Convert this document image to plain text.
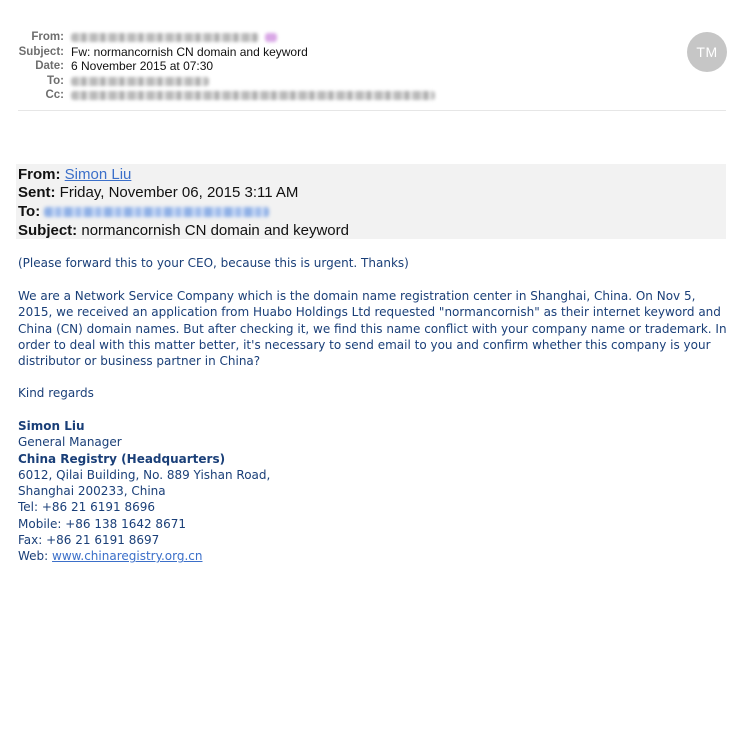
From:
Subject: Fw: normancornish CN domain and keyword
Date: 6 November 2015 at 07:30
To:
Cc:
TM
From: Simon Liu
Sent: Friday, November 06, 2015 3:11 AM
To:
Subject: normancornish CN domain and keyword
(Please forward this to your CEO, because this is urgent. Thanks)
We are a Network Service Company which is the domain name registration center in Shanghai, China. On Nov 5, 2015, we received an application from Huabo Holdings Ltd requested "normancornish" as their internet keyword and China (CN) domain names. But after checking it, we find this name conflict with your company name or trademark. In order to deal with this matter better, it's necessary to send email to you and confirm whether this company is your distributor or business partner in China?
Kind regards
Simon Liu
General Manager
China Registry (Headquarters)
6012, Qilai Building, No. 889 Yishan Road,
Shanghai 200233, China
Tel: +86 21 6191 8696
Mobile: +86 138 1642 8671
Fax: +86 21 6191 8697
Web: www.chinaregistry.org.cn
